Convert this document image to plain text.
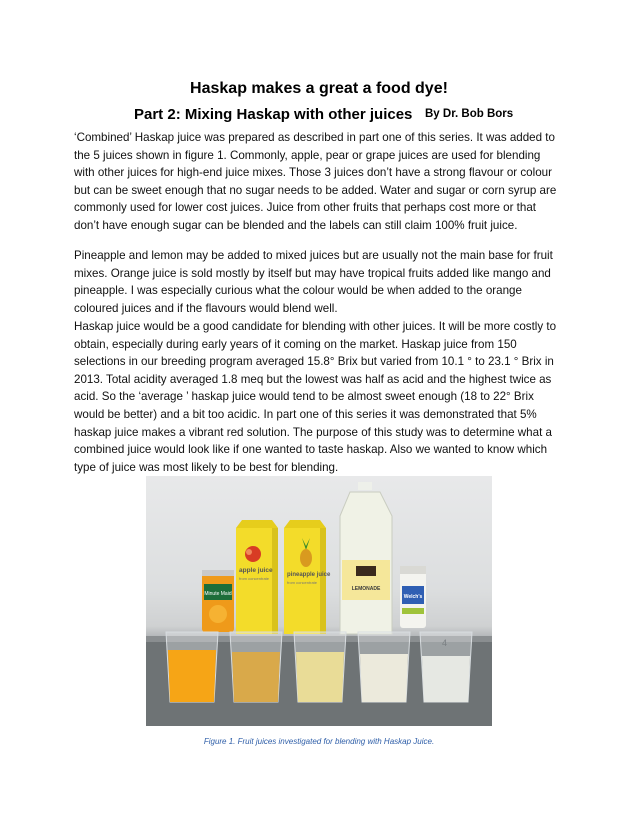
Haskap makes a great a food dye!
Part 2: Mixing Haskap with other juices By Dr. Bob Bors

‘Combined’ Haskap juice was prepared as described in part one of this series. It was added to the 5 juices shown in figure 1. Commonly, apple, pear or grape juices are used for blending with other juices for high-end juice mixes. Those 3 juices don’t have a strong flavour or colour but can be sweet enough that no sugar needs to be added. Water and sugar or corn syrup are commonly used for lower cost juices. Juice from other fruits that perhaps cost more or that don’t have enough sugar can be blended and the labels can still claim 100% fruit juice.

Pineapple and lemon may be added to mixed juices but are usually not the main base for fruit mixes. Orange juice is sold mostly by itself but may have tropical fruits added like mango and pineapple. I was especially curious what the colour would be when added to the orange coloured juices and if the flavours would blend well.

Haskap juice would be a good candidate for blending with other juices. It will be more costly to obtain, especially during early years of it coming on the market. Haskap juice from 150 selections in our breeding program averaged 15.8° Brix but varied from 10.1 ° to 23.1 ° Brix in 2013. Total acidity averaged 1.8 meq but the lowest was half as acid and the highest twice as acid. So the ‘average ’ haskap juice would tend to be almost sweet enough (18 to 22° Brix would be better) and a bit too acidic. In part one of this series it was demonstrated that 5% haskap juice makes a vibrant red solution. The purpose of this study was to determine what a combined juice would look like if one wanted to taste haskap. Also we wanted to know which type of juice was most likely to be best for blending.

Minute Maid
apple juice
from concentrate
pineapple juice
from concentrate
LEMONADE
Welch's
4
Figure 1. Fruit juices investigated for blending with Haskap Juice.
